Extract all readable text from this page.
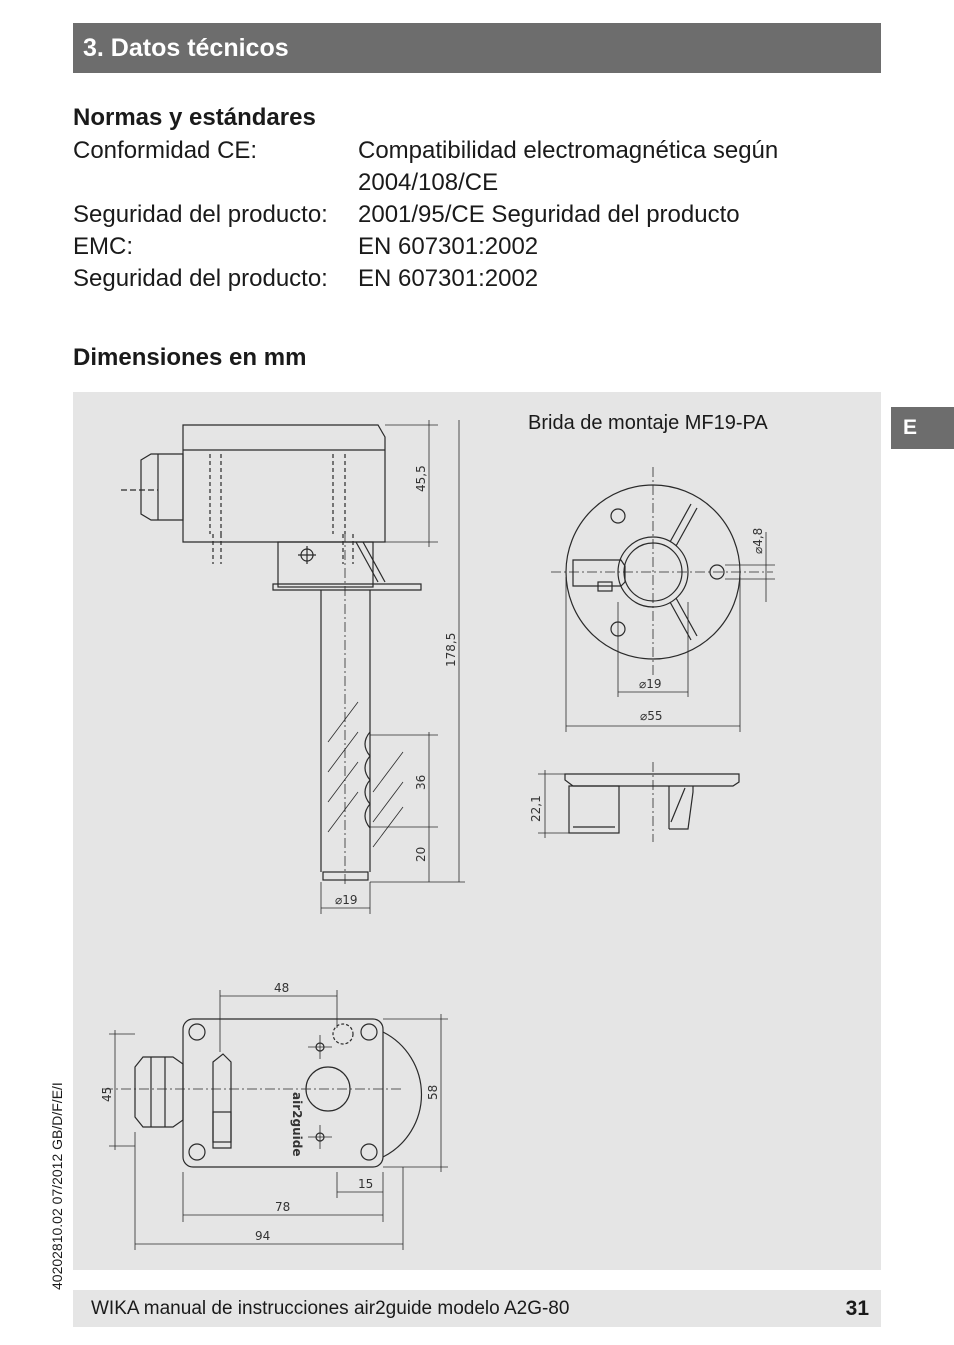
3. Datos técnicos
E
Normas y estándares
Conformidad CE:	Compatibilidad electromagnética según
2004/108/CE
Seguridad del producto: 2001/95/CE Seguridad del producto
EMC:	EN 607301:2002
Seguridad del producto: EN 607301:2002
Dimensiones en mm
45,5
178,5
36
20
⌀19
⌀4,8
⌀19
⌀55
22,1
air2guide
48
45	58
15
78
94
Brida de montaje MF19-PA
40202810.02 07/2012 GB/D/F/E/I
WIKA manual de instrucciones air2guide modelo A2G-80	31
